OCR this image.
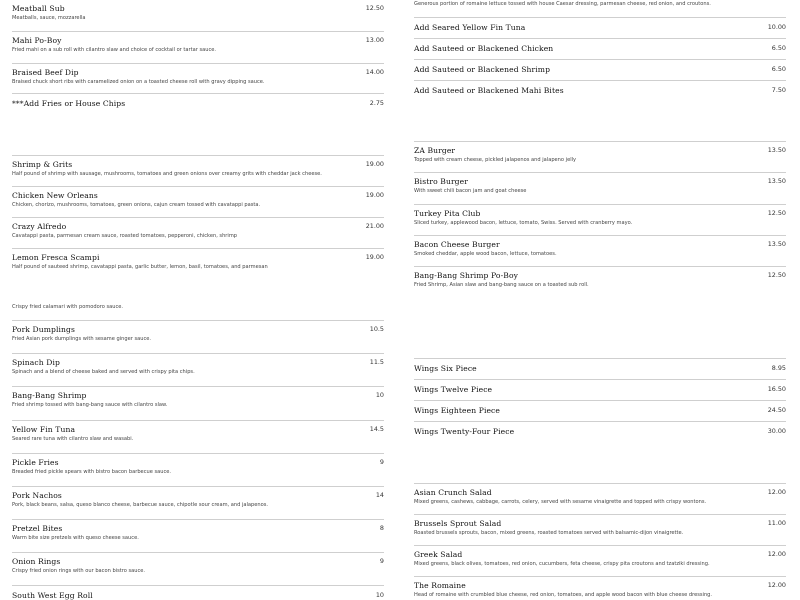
Meatball Sub	12.50
Meatballs, sauce, mozzarella
Mahi Po-Boy	13.00
Fried mahi on a sub roll with cilantro slaw and choice of cocktail or tartar sauce.
Braised Beef Dip	14.00
Braised chuck short ribs with caramelized onion on a toasted cheese roll with gravy dipping sauce.
***Add Fries or House Chips	2.75
Shrimp & Grits	19.00
Half pound of shrimp with sausage, mushrooms, tomatoes and green onions over creamy grits with cheddar jack cheese.
Chicken New Orleans	19.00
Chicken, chorizo, mushrooms, tomatoes, green onions, cajun cream tossed with cavatappi pasta.
Crazy Alfredo	21.00
Cavatappi pasta, parmesan cream sauce, roasted tomatoes, pepperoni, chicken, shrimp
Lemon Fresca Scampi	19.00
Half pound of sauteed shrimp, cavatappi pasta, garlic butter, lemon, basil, tomatoes, and parmesan
Crispy fried calamari with pomodoro sauce.
Pork Dumplings	10.5
Fried Asian pork dumplings with sesame ginger sauce.
Spinach Dip	11.5
Spinach and a blend of cheese baked and served with crispy pita chips.
Bang-Bang Shrimp	10
Fried shrimp tossed with bang-bang sauce with cilantro slaw.
Yellow Fin Tuna	14.5
Seared rare tuna with cilantro slaw and wasabi.
Pickle Fries	9
Breaded fried pickle spears with bistro bacon barbecue sauce.
Pork Nachos	14
Pork, black beans, salsa, queso blanco cheese, barbecue sauce, chipotle sour cream, and jalapenos.
Pretzel Bites	8
Warm bite size pretzels with queso cheese sauce.
Onion Rings	9
Crispy fried onion rings with our bacon bistro sauce.
South West Egg Roll	10
Generous portion of romaine lettuce tossed with house Caesar dressing, parmesan cheese, red onion, and croutons.
Add Seared Yellow Fin Tuna	10.00
Add Sauteed or Blackened Chicken	6.50
Add Sauteed or Blackened Shrimp	6.50
Add Sauteed or Blackened Mahi Bites	7.50
ZA Burger	13.50
Topped with cream cheese, pickled jalapenos and jalapeno jelly
Bistro Burger	13.50
With sweet chili bacon jam and goat cheese
Turkey Pita Club	12.50
Sliced turkey, applewood bacon, lettuce, tomato, Swiss. Served with cranberry mayo.
Bacon Cheese Burger	13.50
Smoked cheddar, apple wood bacon, lettuce, tomatoes.
Bang-Bang Shrimp Po-Boy	12.50
Fried Shrimp, Asian slaw and bang-bang sauce on a toasted sub roll.
Wings Six Piece	8.95
Wings Twelve Piece	16.50
Wings Eighteen Piece	24.50
Wings Twenty-Four Piece	30.00
Asian Crunch Salad	12.00
Mixed greens, cashews, cabbage, carrots, celery, served with sesame vinaigrette and topped with crispy wontons.
Brussels Sprout Salad	11.00
Roasted brussels sprouts, bacon, mixed greens, roasted tomatoes served with balsamic-dijon vinaigrette.
Greek Salad	12.00
Mixed greens, black olives, tomatoes, red onion, cucumbers, feta cheese, crispy pita croutons and tzatziki dressing.
The Romaine	12.00
Head of romaine with crumbled blue cheese, red onion, tomatoes, and apple wood bacon with blue cheese dressing.
